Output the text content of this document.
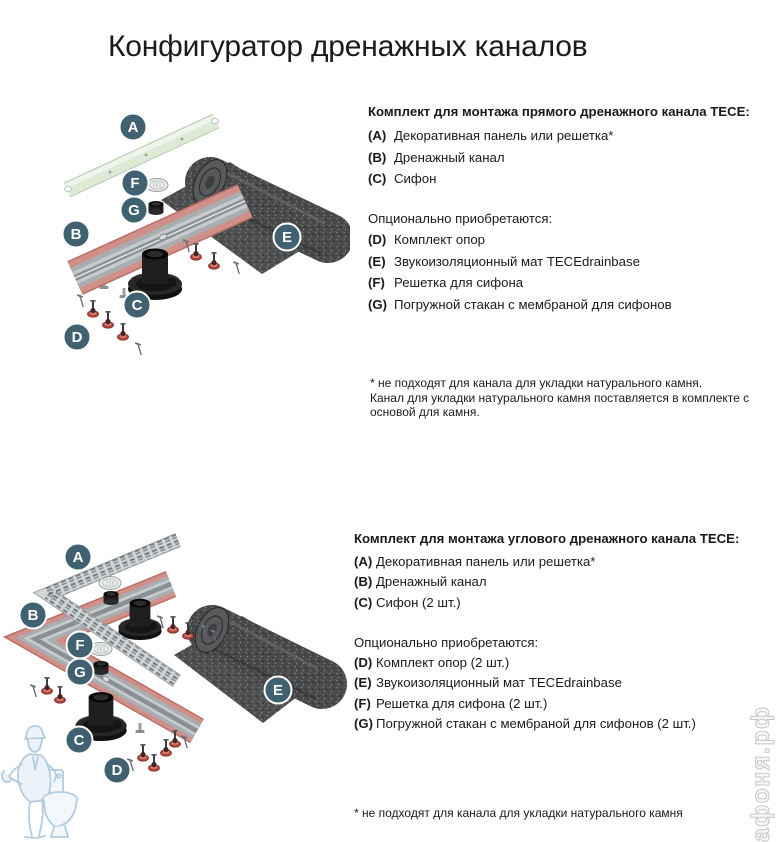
Конфигуратор дренажных каналов
афоня.рф
A
F
G
B	E
C
D
A
B
F
G
E
C
D
Комплект для монтажа прямого дренажного канала TECE:
(A) Декоративная панель или решетка*
(B) Дренажный канал
(C) Сифон
Опционально приобретаются:
(D) Комплект опор
(E) Звукоизоляционный мат TECEdrainbase
(F) Решетка для сифона
(G) Погружной стакан с мембраной для сифонов
* не подходят для канала для укладки натурального камня.
Канал для укладки натурального камня поставляется в комплекте с
основой для камня.
Комплект для монтажа углового дренажного канала TECE:
(A) Декоративная панель или решетка*
(B) Дренажный канал
(C) Сифон (2 шт.)
Опционально приобретаются:
(D) Комплект опор (2 шт.)
(E) Звукоизоляционный мат TECEdrainbase
(F) Решетка для сифона (2 шт.)
(G) Погружной стакан с мембраной для сифонов (2 шт.)
* не подходят для канала для укладки натурального камня
